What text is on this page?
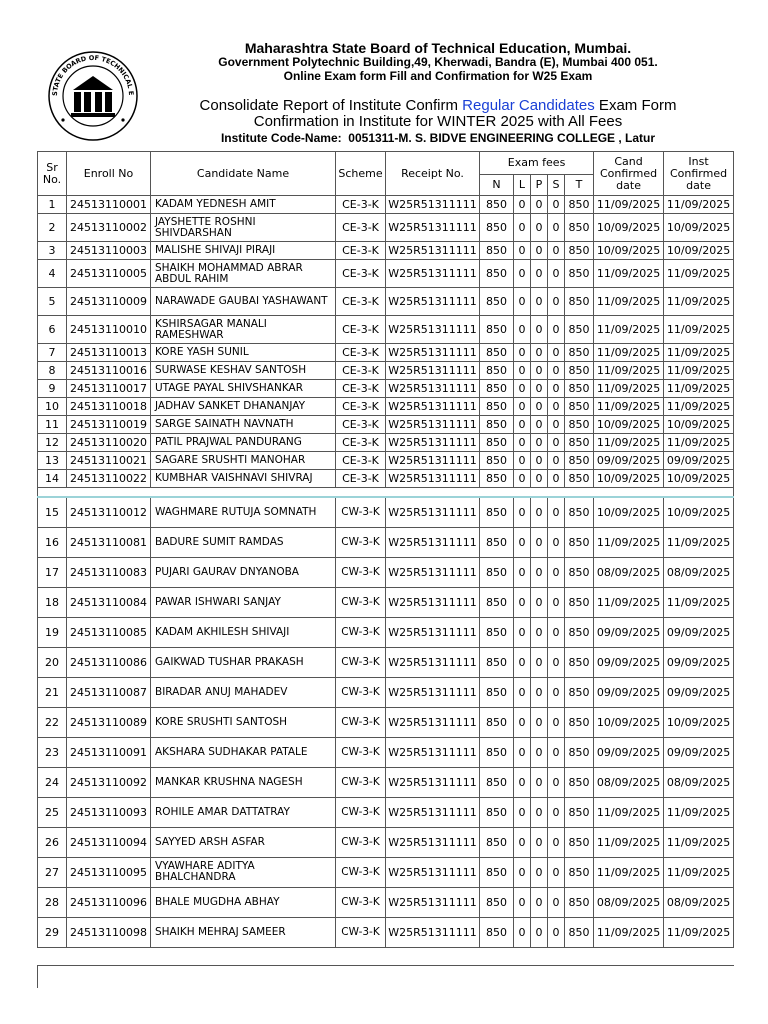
STATE BOARD OF TECHNICAL E
Maharashtra State Board of Technical Education, Mumbai.
Government Polytechnic Building,49, Kherwadi, Bandra (E), Mumbai 400 051.
Online Exam form Fill and Confirmation for W25 Exam
Consolidate Report of Institute Confirm Regular Candidates Exam Form
Confirmation in Institute for WINTER 2025 with All Fees
Institute Code-Name: 0051311-M. S. BIDVE ENGINEERING COLLEGE , Latur
Sr No.	Enroll No	Candidate Name	Scheme	Receipt No.	Exam fees					Cand Confirmed date	Inst Confirmed date
					N	L	P	S	T		
1	24513110001	KADAM YEDNESH AMIT	CE-3-K	W25R51311111	850	0	0	0	850	11/09/2025	11/09/2025
2	24513110002	JAYSHETTE ROSHNI SHIVDARSHAN	CE-3-K	W25R51311111	850	0	0	0	850	10/09/2025	10/09/2025
3	24513110003	MALISHE SHIVAJI PIRAJI	CE-3-K	W25R51311111	850	0	0	0	850	10/09/2025	10/09/2025
4	24513110005	SHAIKH MOHAMMAD ABRAR ABDUL RAHIM	CE-3-K	W25R51311111	850	0	0	0	850	11/09/2025	11/09/2025
5	24513110009	NARAWADE GAUBAI YASHAWANT	CE-3-K	W25R51311111	850	0	0	0	850	11/09/2025	11/09/2025
6	24513110010	KSHIRSAGAR MANALI RAMESHWAR	CE-3-K	W25R51311111	850	0	0	0	850	11/09/2025	11/09/2025
7	24513110013	KORE YASH SUNIL	CE-3-K	W25R51311111	850	0	0	0	850	11/09/2025	11/09/2025
8	24513110016	SURWASE KESHAV SANTOSH	CE-3-K	W25R51311111	850	0	0	0	850	11/09/2025	11/09/2025
9	24513110017	UTAGE PAYAL SHIVSHANKAR	CE-3-K	W25R51311111	850	0	0	0	850	11/09/2025	11/09/2025
10	24513110018	JADHAV SANKET DHANANJAY	CE-3-K	W25R51311111	850	0	0	0	850	11/09/2025	11/09/2025
11	24513110019	SARGE SAINATH NAVNATH	CE-3-K	W25R51311111	850	0	0	0	850	10/09/2025	10/09/2025
12	24513110020	PATIL PRAJWAL PANDURANG	CE-3-K	W25R51311111	850	0	0	0	850	11/09/2025	11/09/2025
13	24513110021	SAGARE SRUSHTI MANOHAR	CE-3-K	W25R51311111	850	0	0	0	850	09/09/2025	09/09/2025
14	24513110022	KUMBHAR VAISHNAVI SHIVRAJ	CE-3-K	W25R51311111	850	0	0	0	850	10/09/2025	10/09/2025

15	24513110012	WAGHMARE RUTUJA SOMNATH	CW-3-K	W25R51311111	850	0	0	0	850	10/09/2025	10/09/2025
16	24513110081	BADURE SUMIT RAMDAS	CW-3-K	W25R51311111	850	0	0	0	850	11/09/2025	11/09/2025
17	24513110083	PUJARI GAURAV DNYANOBA	CW-3-K	W25R51311111	850	0	0	0	850	08/09/2025	08/09/2025
18	24513110084	PAWAR ISHWARI SANJAY	CW-3-K	W25R51311111	850	0	0	0	850	11/09/2025	11/09/2025
19	24513110085	KADAM AKHILESH SHIVAJI	CW-3-K	W25R51311111	850	0	0	0	850	09/09/2025	09/09/2025
20	24513110086	GAIKWAD TUSHAR PRAKASH	CW-3-K	W25R51311111	850	0	0	0	850	09/09/2025	09/09/2025
21	24513110087	BIRADAR ANUJ MAHADEV	CW-3-K	W25R51311111	850	0	0	0	850	09/09/2025	09/09/2025
22	24513110089	KORE SRUSHTI SANTOSH	CW-3-K	W25R51311111	850	0	0	0	850	10/09/2025	10/09/2025
23	24513110091	AKSHARA SUDHAKAR PATALE	CW-3-K	W25R51311111	850	0	0	0	850	09/09/2025	09/09/2025
24	24513110092	MANKAR KRUSHNA NAGESH	CW-3-K	W25R51311111	850	0	0	0	850	08/09/2025	08/09/2025
25	24513110093	ROHILE AMAR DATTATRAY	CW-3-K	W25R51311111	850	0	0	0	850	11/09/2025	11/09/2025
26	24513110094	SAYYED ARSH ASFAR	CW-3-K	W25R51311111	850	0	0	0	850	11/09/2025	11/09/2025
27	24513110095	VYAWHARE ADITYA BHALCHANDRA	CW-3-K	W25R51311111	850	0	0	0	850	11/09/2025	11/09/2025
28	24513110096	BHALE MUGDHA ABHAY	CW-3-K	W25R51311111	850	0	0	0	850	08/09/2025	08/09/2025
29	24513110098	SHAIKH MEHRAJ SAMEER	CW-3-K	W25R51311111	850	0	0	0	850	11/09/2025	11/09/2025
